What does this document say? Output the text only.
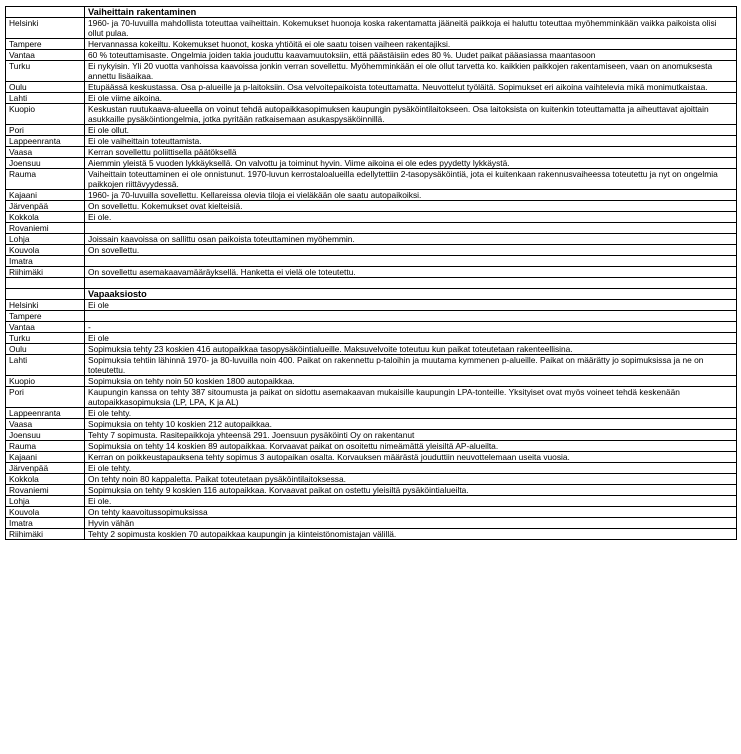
	Vaiheittain rakentaminen
Helsinki	1960- ja 70-luvuilla mahdollista toteuttaa vaiheittain. Kokemukset huonoja koska rakentamatta jääneitä paikkoja ei haluttu toteuttaa myöhemminkään vaikka paikoista olisi ollut pulaa.
Tampere	Hervannassa kokeiltu. Kokemukset huonot, koska yhtiöitä ei ole saatu toisen vaiheen rakentajiksi.
Vantaa	60 % toteuttamisaste. Ongelmia joiden takia jouduttu kaavamuutoksiin, että päästäisiin edes 80 %. Uudet paikat pääasiassa maantasoon
Turku	Ei nykyisin. Yli 20 vuotta vanhoissa kaavoissa jonkin verran sovellettu. Myöhemminkään ei ole ollut tarvetta ko. kaikkien paikkojen rakentamiseen, vaan on anomuksesta annettu lisäaikaa.
Oulu	Etupäässä keskustassa. Osa p-alueille ja p-laitoksiin. Osa velvoitepaikoista toteuttamatta. Neuvottelut työläitä. Sopimukset eri aikoina vaihtelevia mikä monimutkaistaa.
Lahti	Ei ole viime aikoina.
Kuopio	Keskustan ruutukaava-alueella on voinut tehdä autopaikkasopimuksen kaupungin pysäköintilaitokseen. Osa laitoksista on kuitenkin toteuttamatta ja aiheuttavat ajoittain asukkaille pysäköintiongelmia, jotka pyritään ratkaisemaan asukaspysäköinnillä.
Pori	Ei ole ollut.
Lappeenranta	Ei ole vaiheittain toteuttamista.
Vaasa	Kerran sovellettu poliittisella päätöksellä
Joensuu	Aiemmin yleistä 5 vuoden lykkäyksellä. On valvottu ja toiminut hyvin. Viime aikoina ei ole edes pyydetty lykkäystä.
Rauma	Vaiheittain toteuttaminen ei ole onnistunut. 1970-luvun kerrostaloalueilla edellytettiin 2-tasopysäköintiä, jota ei kuitenkaan rakennusvaiheessa toteutettu ja nyt on ongelmia paikkojen riittävyydessä.
Kajaani	1960- ja 70-luvuilla sovellettu. Kellareissa olevia tiloja ei vieläkään ole saatu autopaikoiksi.
Järvenpää	On sovellettu. Kokemukset ovat kielteisiä.
Kokkola	Ei ole.
Rovaniemi	
Lohja	Joissain kaavoissa on sallittu osan paikoista toteuttaminen myöhemmin.
Kouvola	On sovellettu.
Imatra	
Riihimäki	On sovellettu asemakaavamääräyksellä. Hanketta ei vielä ole toteutettu.

	Vapaaksiosto
Helsinki	Ei ole
Tampere	
Vantaa	-
Turku	Ei ole
Oulu	Sopimuksia tehty 23 koskien 416 autopaikkaa tasopysäköintialueille. Maksuvelvoite toteutuu kun paikat toteutetaan rakenteellisina.
Lahti	Sopimuksia tehtiin lähinnä 1970- ja 80-luvuilla noin 400. Paikat on rakennettu p-taloihin ja muutama kymmenen p-alueille. Paikat on määrätty jo sopimuksissa ja ne on toteutettu.
Kuopio	Sopimuksia on tehty noin 50 koskien 1800 autopaikkaa.
Pori	Kaupungin kanssa on tehty 387 sitoumusta ja paikat on sidottu asemakaavan mukaisille kaupungin LPA-tonteille. Yksityiset ovat myös voineet tehdä keskenään autopaikkasopimuksia (LP, LPA, K ja AL)
Lappeenranta	Ei ole tehty.
Vaasa	Sopimuksia on tehty 10 koskien 212 autopaikkaa.
Joensuu	Tehty 7 sopimusta. Rasitepaikkoja yhteensä 291. Joensuun pysäköinti Oy on rakentanut
Rauma	Sopimuksia on tehty 14 koskien 89 autopaikkaa. Korvaavat paikat on osoitettu nimeämättä yleisiltä AP-alueilta.
Kajaani	Kerran on poikkeustapauksena tehty sopimus 3 autopaikan osalta. Korvauksen määrästä jouduttiin neuvottelemaan useita vuosia.
Järvenpää	Ei ole tehty.
Kokkola	On tehty noin 80 kappaletta. Paikat toteutetaan pysäköintilaitoksessa.
Rovaniemi	Sopimuksia on tehty 9 koskien 116 autopaikkaa. Korvaavat paikat on ostettu yleisiltä pysäköintialueilta.
Lohja	Ei ole.
Kouvola	On tehty kaavoitussopimuksissa
Imatra	Hyvin vähän
Riihimäki	Tehty 2 sopimusta koskien 70 autopaikkaa kaupungin ja kiinteistönomistajan välillä.
